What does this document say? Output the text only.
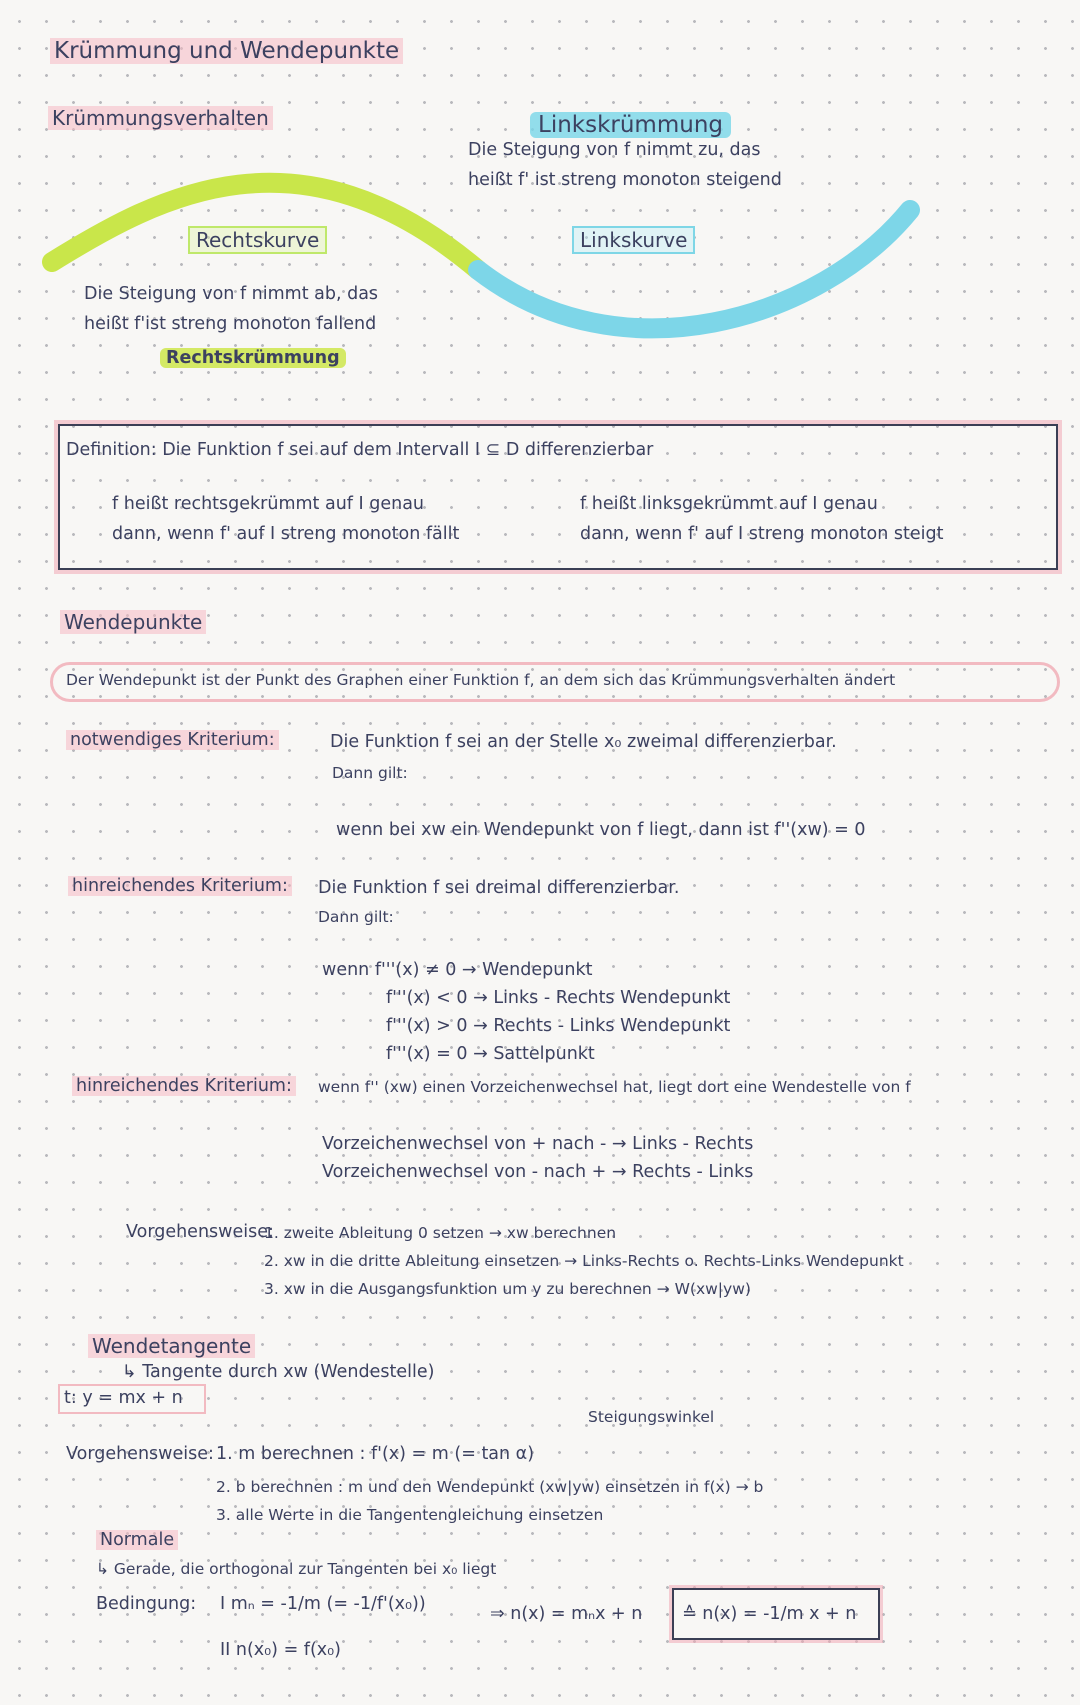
Krümmung und Wendepunkte
Krümmungsverhalten	Linkskrümmung
Die Steigung von f nimmt zu, das
heißt f' ist streng monoton steigend
Rechtskurve	Linkskurve
Die Steigung von f nimmt ab, das
heißt f'ist streng monoton fallend
Rechtskrümmung
Definition: Die Funktion f sei auf dem Intervall I ⊆ D differenzierbar
f heißt rechtsgekrümmt auf I genau
dann, wenn f' auf I streng monoton fällt
f heißt linksgekrümmt auf I genau
dann, wenn f' auf I streng monoton steigt
Wendepunkte
Der Wendepunkt ist der Punkt des Graphen einer Funktion f, an dem sich das Krümmungsverhalten ändert
notwendiges Kriterium:	Die Funktion f sei an der Stelle x₀ zweimal differenzierbar.
Dann gilt:
wenn bei xw ein Wendepunkt von f liegt, dann ist f''(xw) = 0
hinreichendes Kriterium: Die Funktion f sei dreimal differenzierbar.
Dann gilt:
wenn f'''(x) ≠ 0 → Wendepunkt
f'''(x) < 0 → Links - Rechts Wendepunkt
f'''(x) > 0 → Rechts - Links Wendepunkt
f'''(x) = 0 → Sattelpunkt
hinreichendes Kriterium: wenn f'' (xw) einen Vorzeichenwechsel hat, liegt dort eine Wendestelle von f
Vorzeichenwechsel von + nach - → Links - Rechts
Vorzeichenwechsel von - nach + → Rechts - Links
Vorgehensweise:
1. zweite Ableitung 0 setzen → xw berechnen
2. xw in die dritte Ableitung einsetzen → Links-Rechts o. Rechts-Links Wendepunkt
3. xw in die Ausgangsfunktion um y zu berechnen → W(xw|yw)
Wendetangente
↳ Tangente durch xw (Wendestelle)
t: y = mx + n
Steigungswinkel
Vorgehensweise: 1. m berechnen : f'(x) = m (= tan α)
2. b berechnen : m und den Wendepunkt (xw|yw) einsetzen in f(x) → b
3. alle Werte in die Tangentengleichung einsetzen
Normale
↳ Gerade, die orthogonal zur Tangenten bei x₀ liegt
Bedingung: I mₙ = -1/m (= -1/f'(x₀))
II n(x₀) = f(x₀)
⇒ n(x) = mₙx + n ≙ n(x) = -1/m x + n
